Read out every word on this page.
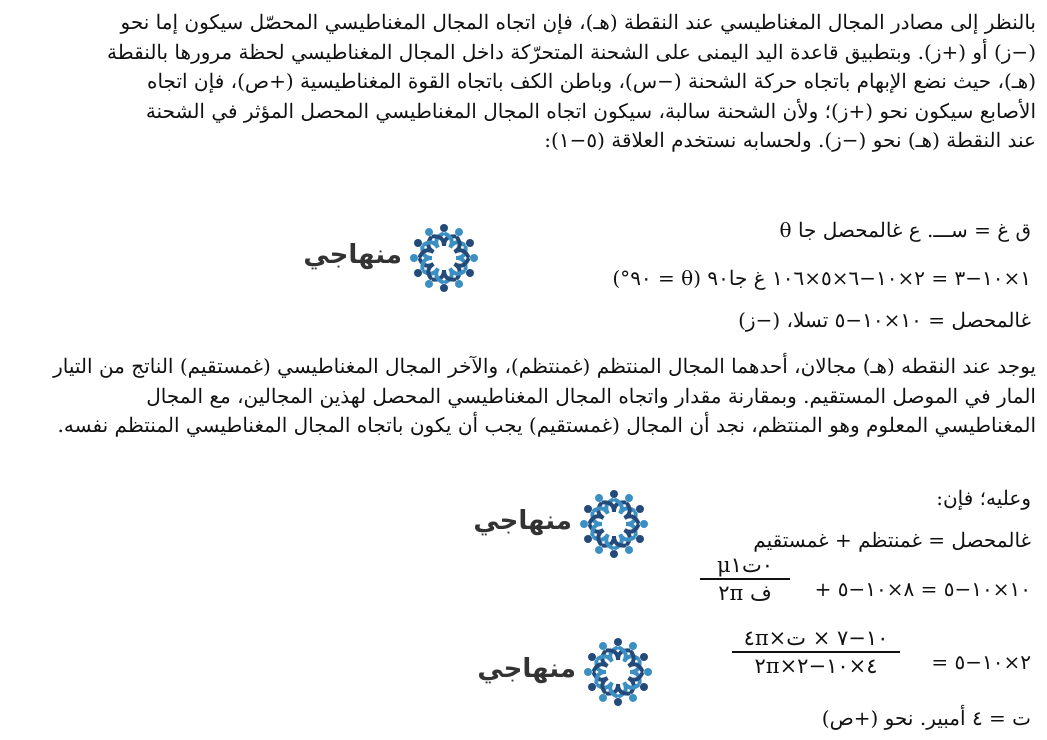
بالنظر إلى مصادر المجال المغناطيسي عند النقطة (هـ)، فإن اتجاه المجال المغناطيسي المحصّل سيكون إما نحو

(−ز) أو (+ز). وبتطبيق قاعدة اليد اليمنى على الشحنة المتحرّكة داخل المجال المغناطيسي لحظة مرورها بالنقطة

(هـ)، حيث نضع الإبهام باتجاه حركة الشحنة (−س)، وباطن الكف باتجاه القوة المغناطيسية (+ص)، فإن اتجاه

الأصابع سيكون نحو (+ز)؛ ولأن الشحنة سالبة، سيكون اتجاه المجال المغناطيسي المحصل المؤثر في الشحنة

عند النقطة (هـ) نحو (−ز). ولحسابه نستخدم العلاقة (٥−١):

ق غ = ســـ. ع غالمحصل جا θ
١×١٠−٣ = ٢×١٠−٦×٥×١٠٦ غ جا٩٠ (θ = ٩٠°)
غالمحصل = ١٠×١٠−٥ تسلا، (−ز)
منهاجي

يوجد عند النقطه (هـ) مجالان، أحدهما المجال المنتظم (غمنتظم)، والآخر المجال المغناطيسي (غمستقيم) الناتج من التيار

المار في الموصل المستقيم. وبمقارنة مقدار واتجاه المجال المغناطيسي المحصل لهذين المجالين، مع المجال

المغناطيسي المعلوم وهو المنتظم، نجد أن المجال (غمستقيم) يجب أن يكون باتجاه المجال المغناطيسي المنتظم نفسه.

وعليه؛ فإن:
غالمحصل = غمنتظم + غمستقيم
١٠×١٠−٥ = ٨×١٠−٥ +
μ٠ت١
٢π ف
٢×١٠−٥ =
٤π×١٠−٧ × ت
٢π×٤×١٠−٢
ت = ٤ أمبير. نحو (+ص)
منهاجي
منهاجي
